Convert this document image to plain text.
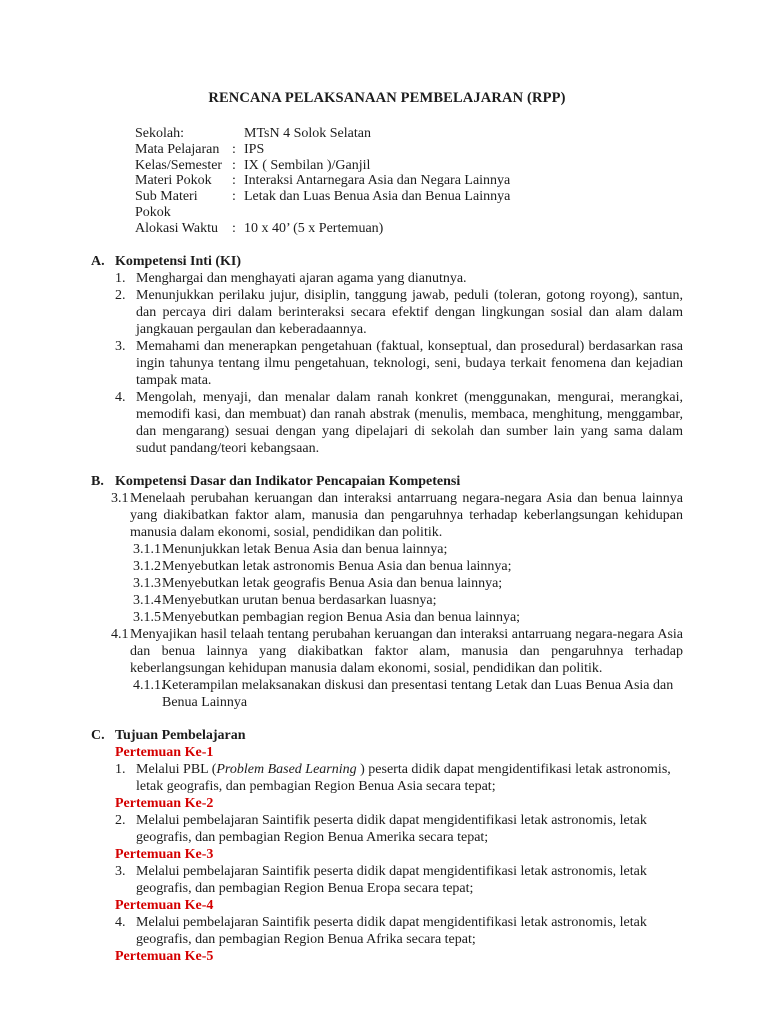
RENCANA PELAKSANAAN PEMBELAJARAN (RPP)
Sekolah:	MTsN 4 Solok Selatan
Mata Pelajaran : IPS
Kelas/Semester : IX ( Sembilan )/Ganjil
Materi Pokok	: Interaksi Antarnegara Asia dan Negara Lainnya
Sub Materi Pokok
: Letak dan Luas Benua Asia dan Benua Lainnya
Alokasi Waktu	: 10 x 40’ (5 x Pertemuan)
A. Kompetensi Inti (KI)
1. Menghargai dan menghayati ajaran agama yang dianutnya.
2. Menunjukkan perilaku jujur, disiplin, tanggung jawab, peduli (toleran, gotong royong), santun, dan percaya diri dalam berinteraksi secara efektif dengan lingkungan sosial dan alam dalam jangkauan pergaulan dan keberadaannya.
3. Memahami dan menerapkan pengetahuan (faktual, konseptual, dan prosedural) berdasarkan rasa ingin tahunya tentang ilmu pengetahuan, teknologi, seni, budaya terkait fenomena dan kejadian tampak mata.
4. Mengolah, menyaji, dan menalar dalam ranah konkret (menggunakan, mengurai, merangkai, memodifi kasi, dan membuat) dan ranah abstrak (menulis, membaca, menghitung, menggambar, dan mengarang) sesuai dengan yang dipelajari di sekolah dan sumber lain yang sama dalam sudut pandang/teori kebangsaan.
B. Kompetensi Dasar dan Indikator Pencapaian Kompetensi
3.1 Menelaah perubahan keruangan dan interaksi antarruang negara-negara Asia dan benua lainnya yang diakibatkan faktor alam, manusia dan pengaruhnya terhadap keberlangsungan kehidupan manusia dalam ekonomi, sosial, pendidikan dan politik.
3.1.1 Menunjukkan letak Benua Asia dan benua lainnya;
3.1.2 Menyebutkan letak astronomis Benua Asia dan benua lainnya;
3.1.3 Menyebutkan letak geografis Benua Asia dan benua lainnya;
3.1.4 Menyebutkan urutan benua berdasarkan luasnya;
3.1.5 Menyebutkan pembagian region Benua Asia dan benua lainnya;
4.1 Menyajikan hasil telaah tentang perubahan keruangan dan interaksi antarruang negara-negara Asia dan benua lainnya yang diakibatkan faktor alam, manusia dan pengaruhnya terhadap keberlangsungan kehidupan manusia dalam ekonomi, sosial, pendidikan dan politik.
4.1.1.
Keterampilan melaksanakan diskusi dan presentasi tentang Letak dan Luas Benua Asia dan Benua Lainnya
C. Tujuan Pembelajaran
Pertemuan Ke-1
1. Melalui PBL (Problem Based Learning ) peserta didik dapat mengidentifikasi letak astronomis, letak geografis, dan pembagian Region Benua Asia secara tepat;
Pertemuan Ke-2
2. Melalui pembelajaran Saintifik peserta didik dapat mengidentifikasi letak astronomis, letak geografis, dan pembagian Region Benua Amerika secara tepat;
Pertemuan Ke-3
3. Melalui pembelajaran Saintifik peserta didik dapat mengidentifikasi letak astronomis, letak geografis, dan pembagian Region Benua Eropa secara tepat;
Pertemuan Ke-4
4. Melalui pembelajaran Saintifik peserta didik dapat mengidentifikasi letak astronomis, letak geografis, dan pembagian Region Benua Afrika secara tepat;
Pertemuan Ke-5
